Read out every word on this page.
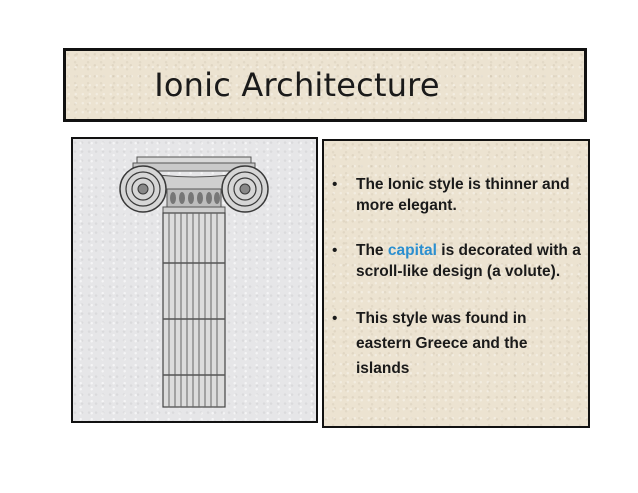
Ionic Architecture
• The Ionic style is thinner and more elegant.
• The capital is decorated with a scroll-like design (a volute).
• This style was found in eastern Greece and the islands
